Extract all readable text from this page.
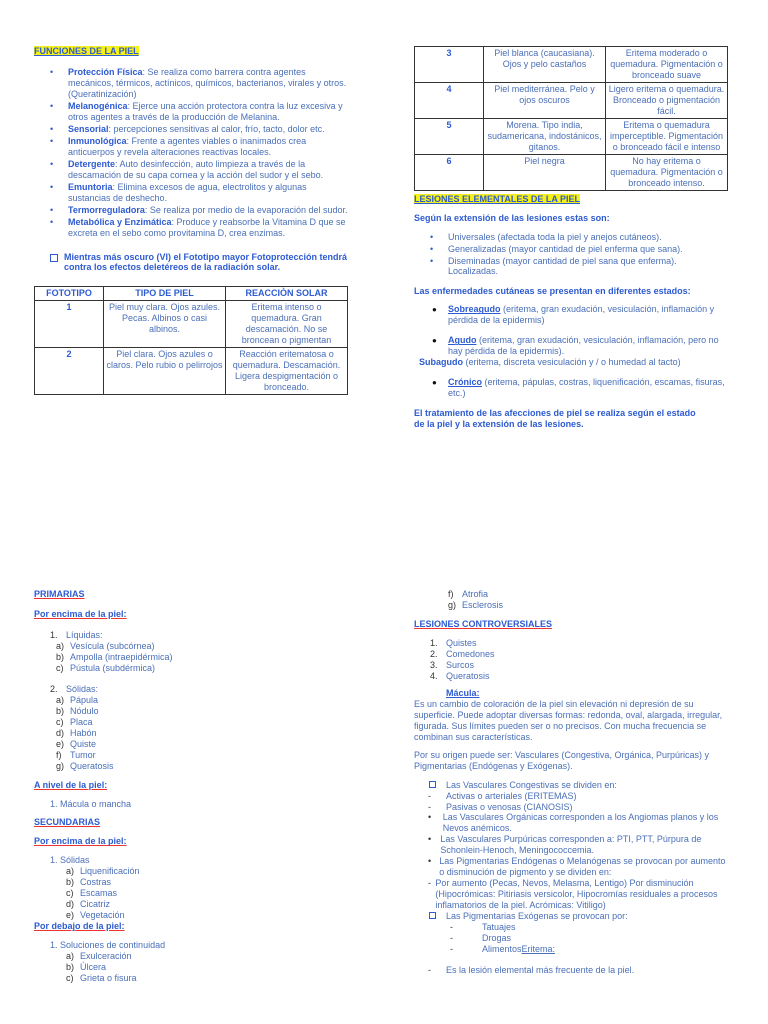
FUNCIONES DE LA PIEL
• Protección Física: Se realiza como barrera contra agentes mecánicos, térmicos, actínicos, químicos, bacterianos, virales y otros. (Queratinización)
• Melanogénica: Ejerce una acción protectora contra la luz excesiva y otros agentes a través de la producción de Melanina.
• Sensorial: percepciones sensitivas al calor, frío, tacto, dolor etc.
• Inmunológica: Frente a agentes viables o inanimados crea anticuerpos y revela alteraciones reactivas locales.
• Detergente: Auto desinfección, auto limpieza a través de la descamación de su capa cornea y la acción del sudor y el sebo.
• Emuntoria: Elimina excesos de agua, electrolitos y algunas sustancias de deshecho.
• Termorreguladora: Se realiza por medio de la evaporación del sudor.
• Metabólica y Enzimática: Produce y reabsorbe la Vitamina D que se excreta en el sebo como provitamina D, crea enzimas.
Mientras más oscuro (VI) el Fototipo mayor Fotoprotección tendrá contra los efectos deletéreos de la radiación solar.
FOTOTIPO	TIPO DE PIEL	REACCIÒN SOLAR
1	Piel muy clara. Ojos azules. Pecas. Albinos o casi albinos.	Eritema intenso o quemadura. Gran descamación. No se broncean o pigmentan
2	Piel clara. Ojos azules o claros. Pelo rubio o pelirrojos	Reacción eritematosa o quemadura. Descamación. Ligera despigmentación o bronceado.
3	Piel blanca (caucasiana). Ojos y pelo castaños	Eritema moderado o quemadura. Pigmentación o bronceado suave
4	Piel mediterránea. Pelo y ojos oscuros	Ligero eritema o quemadura. Bronceado o pigmentación fácil.
5	Morena. Tipo india, sudamericana, indostánicos, gitanos.	Eritema o quemadura imperceptible. Pigmentación o bronceado fácil e intenso
6	Piel negra	No hay eritema o quemadura. Pigmentación o bronceado intenso.
LESIONES ELEMENTALES DE LA PIEL
Según la extensión de las lesiones estas son:
• Universales (afectada toda la piel y anejos cutáneos).
• Generalizadas (mayor cantidad de piel enferma que sana).
• Diseminadas (mayor cantidad de piel sana que enferma). Localizadas.
Las enfermedades cutáneas se presentan en diferentes estados:
● Sobreagudo (eritema, gran exudación, vesiculación, inflamación y pérdida de la epidermis)
● Agudo (eritema, gran exudación, vesiculación, inflamación, pero no hay pérdida de la epidermis).
Subagudo (eritema, discreta vesiculación y / o humedad al tacto)
● Crónico (eritema, pápulas, costras, liquenificación, escamas, fisuras, etc.)
El tratamiento de las afecciones de piel se realiza según el estado de la piel y la extensión de las lesiones.
PRIMARIAS
Por encima de la piel:
1. Líquidas:
a) Vesícula (subcórnea)
b) Ampolla (intraepidérmica)
c) Pústula (subdérmica)
2. Sólidas:
a) Pápula
b) Nódulo
c) Placa
d) Habón
e) Quiste
f) Tumor
g) Queratosis
A nivel de la piel:
1. Mácula o mancha
SECUNDARIAS
Por encima de la piel:
1. Sólidas
a) Liquenificación
b) Costras
c) Escamas
d) Cicatriz
e) Vegetación
Por debajo de la piel:
1. Soluciones de continuidad
a) Exulceración
b) Úlcera
c) Grieta o fisura
f) Atrofia
g) Esclerosis
LESIONES CONTROVERSIALES
1. Quistes
2. Comedones
3. Surcos
4. Queratosis
Mácula:
Es un cambio de coloración de la piel sin elevación ni depresión de su superficie. Puede adoptar diversas formas: redonda, oval, alargada, irregular, figurada. Sus límites pueden ser o no precisos. Con mucha frecuencia se combinan sus características.
Por su origen puede ser: Vasculares (Congestiva, Orgánica, Purpúricas) y Pigmentarias (Endógenas y Exógenas).
Las Vasculares Congestivas se dividen en:
-	Activas o arteriales (ERITEMAS)
-	Pasivas o venosas (CIANOSIS)
•	Las Vasculares Orgánicas corresponden a los Angiomas planos y los Nevos anémicos.
•	Las Vasculares Purpúricas corresponden a: PTI, PTT, Púrpura de Schonlein-Henoch, Meningococcemia.
• Las Pigmentarias Endógenas o Melanógenas se provocan por aumento o disminución de pigmento y se dividen en:
- Por aumento (Pecas, Nevos, Melasma, Lentigo) Por disminución (Hipocrómicas: Pitiriasis versicolor, Hipocromías residuales a procesos inflamatorios de la piel. Acrómicas: Vitiligo)
Las Pigmentarias Exógenas se provocan por:
-	Tatuajes
-	Drogas
-	Alimentos Eritema:
-	Es la lesión elemental más frecuente de la piel.
